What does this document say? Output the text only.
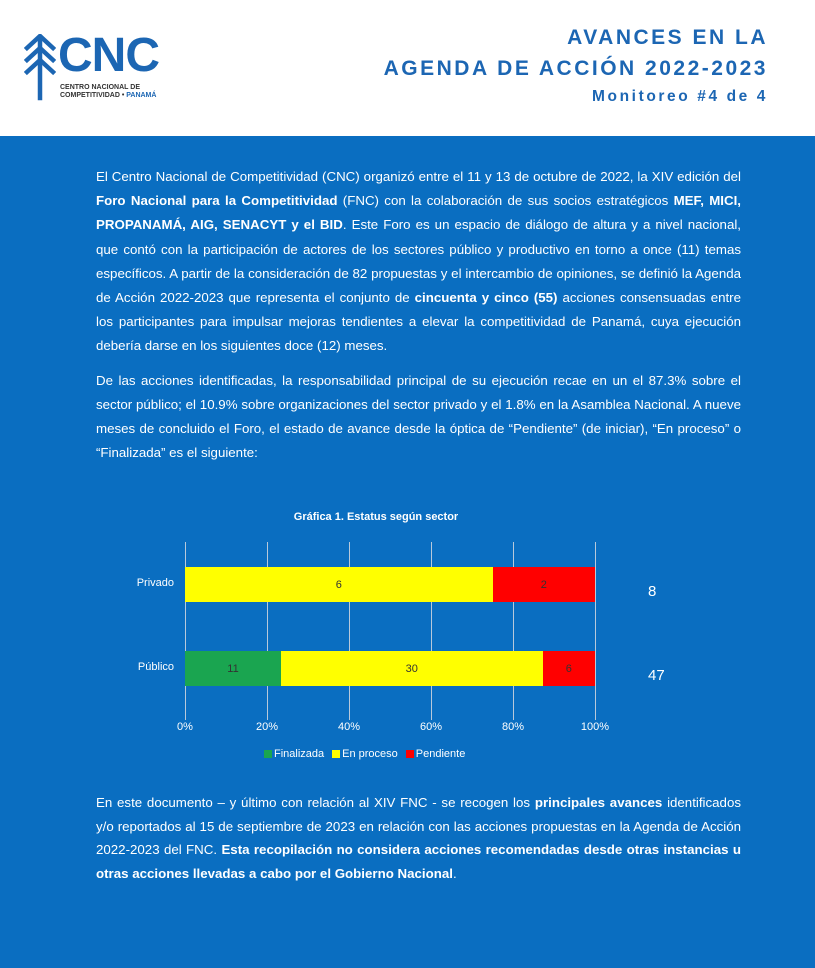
CNC
CENTRO NACIONAL DE
COMPETITIVIDAD • PANAMÁ
AVANCES EN LA
AGENDA DE ACCIÓN 2022-2023
Monitoreo #4 de 4

El Centro Nacional de Competitividad (CNC) organizó entre el 11 y 13 de octubre de 2022, la XIV edición del Foro Nacional para la Competitividad (FNC) con la colaboración de sus socios estratégicos MEF, MICI, PROPANAMÁ, AIG, SENACYT y el BID. Este Foro es un espacio de diálogo de altura y a nivel nacional, que contó con la participación de actores de los sectores público y productivo en torno a once (11) temas específicos. A partir de la consideración de 82 propuestas y el intercambio de opiniones, se definió la Agenda de Acción 2022-2023 que representa el conjunto de cincuenta y cinco (55) acciones consensuadas entre los participantes para impulsar mejoras tendientes a elevar la competitividad de Panamá, cuya ejecución debería darse en los siguientes doce (12) meses.

De las acciones identificadas, la responsabilidad principal de su ejecución recae en un el 87.3% sobre el sector público; el 10.9% sobre organizaciones del sector privado y el 1.8% en la Asamblea Nacional. A nueve meses de concluido el Foro, el estado de avance desde la óptica de “Pendiente” (de iniciar), “En proceso” o “Finalizada” es el siguiente:

Gráfica 1. Estatus según sector
Finalizada En proceso Pendiente
0%	20%	40%	60%	80%	100%
Privado	6	2	8
Público	11	30	6	47

En este documento – y último con relación al XIV FNC - se recogen los principales avances identificados y/o reportados al 15 de septiembre de 2023 en relación con las acciones propuestas en la Agenda de Acción 2022-2023 del FNC. Esta recopilación no considera acciones recomendadas desde otras instancias u otras acciones llevadas a cabo por el Gobierno Nacional.
